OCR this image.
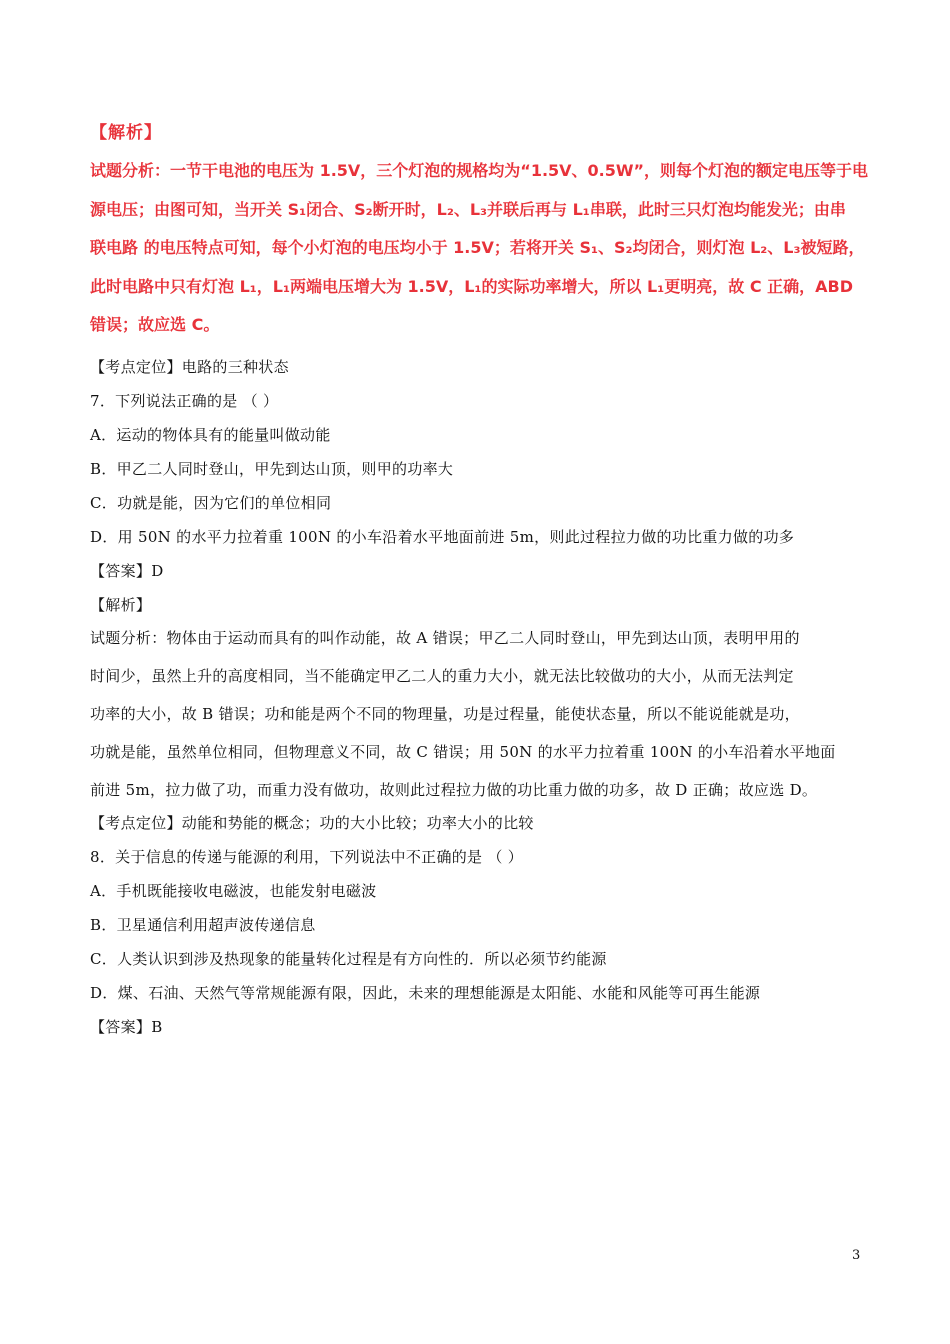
【解析】
试题分析：一节干电池的电压为 1.5V，三个灯泡的规格均为“1.5V、0.5W”，则每个灯泡的额定电压等于电
源电压；由图可知，当开关 S₁闭合、S₂断开时，L₂、L₃并联后再与 L₁串联，此时三只灯泡均能发光；由串
联电路 的电压特点可知，每个小灯泡的电压均小于 1.5V；若将开关 S₁、S₂均闭合，则灯泡 L₂、L₃被短路，
此时电路中只有灯泡 L₁，L₁两端电压增大为 1.5V，L₁的实际功率增大，所以 L₁更明亮，故 C 正确，ABD
错误；故应选 C。
【考点定位】电路的三种状态
7．下列说法正确的是 （ ）
A．运动的物体具有的能量叫做动能
B．甲乙二人同时登山，甲先到达山顶，则甲的功率大
C．功就是能，因为它们的单位相同
D．用 50N 的水平力拉着重 100N 的小车沿着水平地面前进 5m，则此过程拉力做的功比重力做的功多
【答案】D
【解析】
试题分析：物体由于运动而具有的叫作动能，故 A 错误；甲乙二人同时登山，甲先到达山顶，表明甲用的
时间少，虽然上升的高度相同，当不能确定甲乙二人的重力大小，就无法比较做功的大小，从而无法判定
功率的大小，故 B 错误；功和能是两个不同的物理量，功是过程量，能使状态量，所以不能说能就是功，
功就是能，虽然单位相同，但物理意义不同，故 C 错误；用 50N 的水平力拉着重 100N 的小车沿着水平地面
前进 5m，拉力做了功，而重力没有做功，故则此过程拉力做的功比重力做的功多，故 D 正确；故应选 D。
【考点定位】动能和势能的概念；功的大小比较；功率大小的比较
8．关于信息的传递与能源的利用，下列说法中不正确的是 （ ）
A．手机既能接收电磁波，也能发射电磁波
B．卫星通信利用超声波传递信息
C．人类认识到涉及热现象的能量转化过程是有方向性的．所以必须节约能源
D．煤、石油、天然气等常规能源有限，因此，未来的理想能源是太阳能、水能和风能等可再生能源
【答案】B
3
